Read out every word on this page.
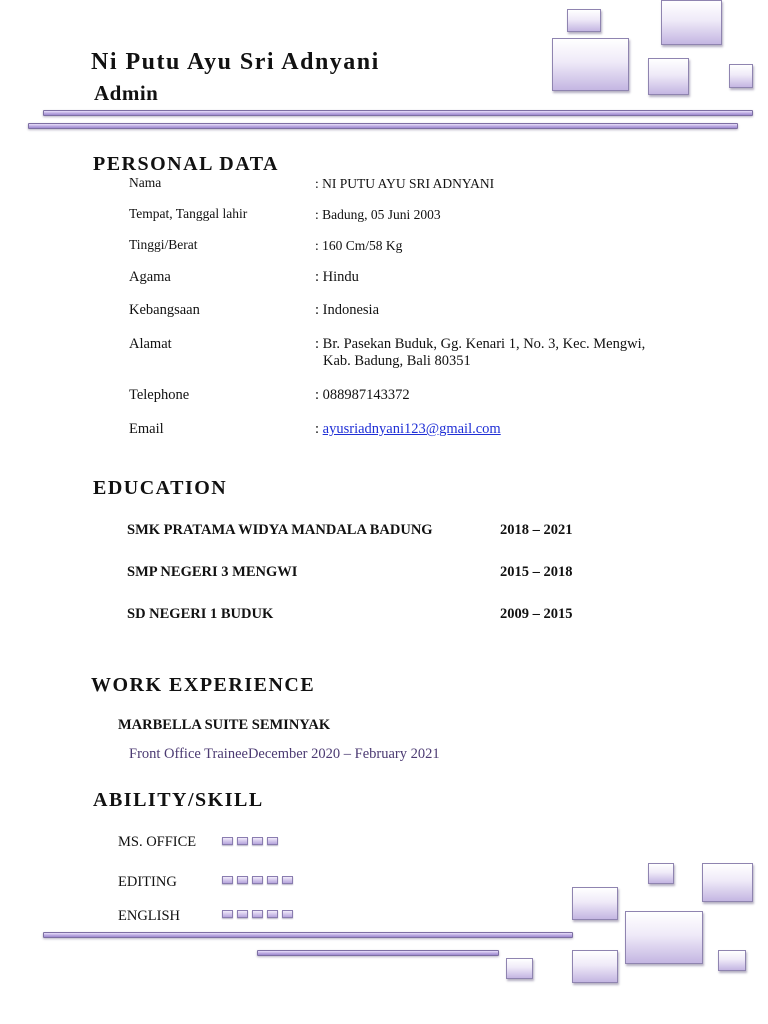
Ni Putu Ayu Sri Adnyani
Admin
PERSONAL DATA
Nama	: NI PUTU AYU SRI ADNYANI
Tempat, Tanggal lahir	: Badung, 05 Juni 2003
Tinggi/Berat	: 160 Cm/58 Kg
Agama	: Hindu
Kebangsaan	: Indonesia
Alamat	: Br. Pasekan Buduk, Gg. Kenari 1, No. 3, Kec. Mengwi,
Kab. Badung, Bali 80351
Telephone	: 088987143372
Email	: ayusriadnyani123@gmail.com
EDUCATION
SMK PRATAMA WIDYA MANDALA BADUNG	2018 – 2021
SMP NEGERI 3 MENGWI	2015 – 2018
SD NEGERI 1 BUDUK	2009 – 2015
WORK EXPERIENCE
MARBELLA SUITE SEMINYAK
Front Office TraineeDecember 2020 – February 2021
ABILITY/SKILL
MS. OFFICE
EDITING
ENGLISH
